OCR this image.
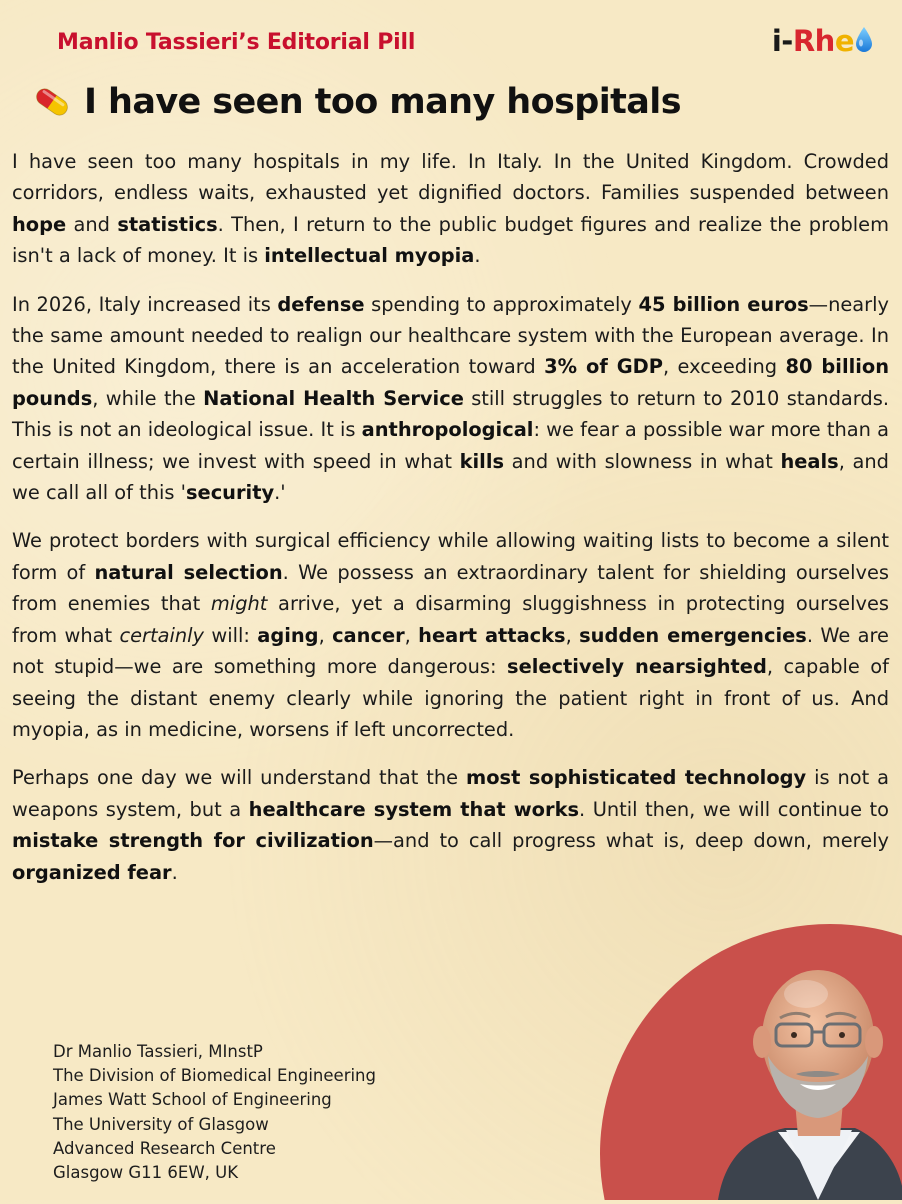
Manlio Tassieri’s Editorial Pill	i-Rhe
I have seen too many hospitals

I have seen too many hospitals in my life. In Italy. In the United Kingdom. Crowded corridors, endless waits, exhausted yet dignified doctors. Families suspended between hope and statistics. Then, I return to the public budget figures and realize the problem isn't a lack of money. It is intellectual myopia.

In 2026, Italy increased its defense spending to approximately 45 billion euros—nearly the same amount needed to realign our healthcare system with the European average. In the United Kingdom, there is an acceleration toward 3% of GDP, exceeding 80 billion pounds, while the National Health Service still struggles to return to 2010 standards. This is not an ideological issue. It is anthropological: we fear a possible war more than a certain illness; we invest with speed in what kills and with slowness in what heals, and we call all of this 'security.'

We protect borders with surgical efficiency while allowing waiting lists to become a silent form of natural selection. We possess an extraordinary talent for shielding ourselves from enemies that might arrive, yet a disarming sluggishness in protecting ourselves from what certainly will: aging, cancer, heart attacks, sudden emergencies. We are not stupid—we are something more dangerous: selectively nearsighted, capable of seeing the distant enemy clearly while ignoring the patient right in front of us. And myopia, as in medicine, worsens if left uncorrected.

Perhaps one day we will understand that the most sophisticated technology is not a weapons system, but a healthcare system that works. Until then, we will continue to mistake strength for civilization—and to call progress what is, deep down, merely organized fear.

Dr Manlio Tassieri, MInstP
The Division of Biomedical Engineering
James Watt School of Engineering
The University of Glasgow
Advanced Research Centre
Glasgow G11 6EW, UK
